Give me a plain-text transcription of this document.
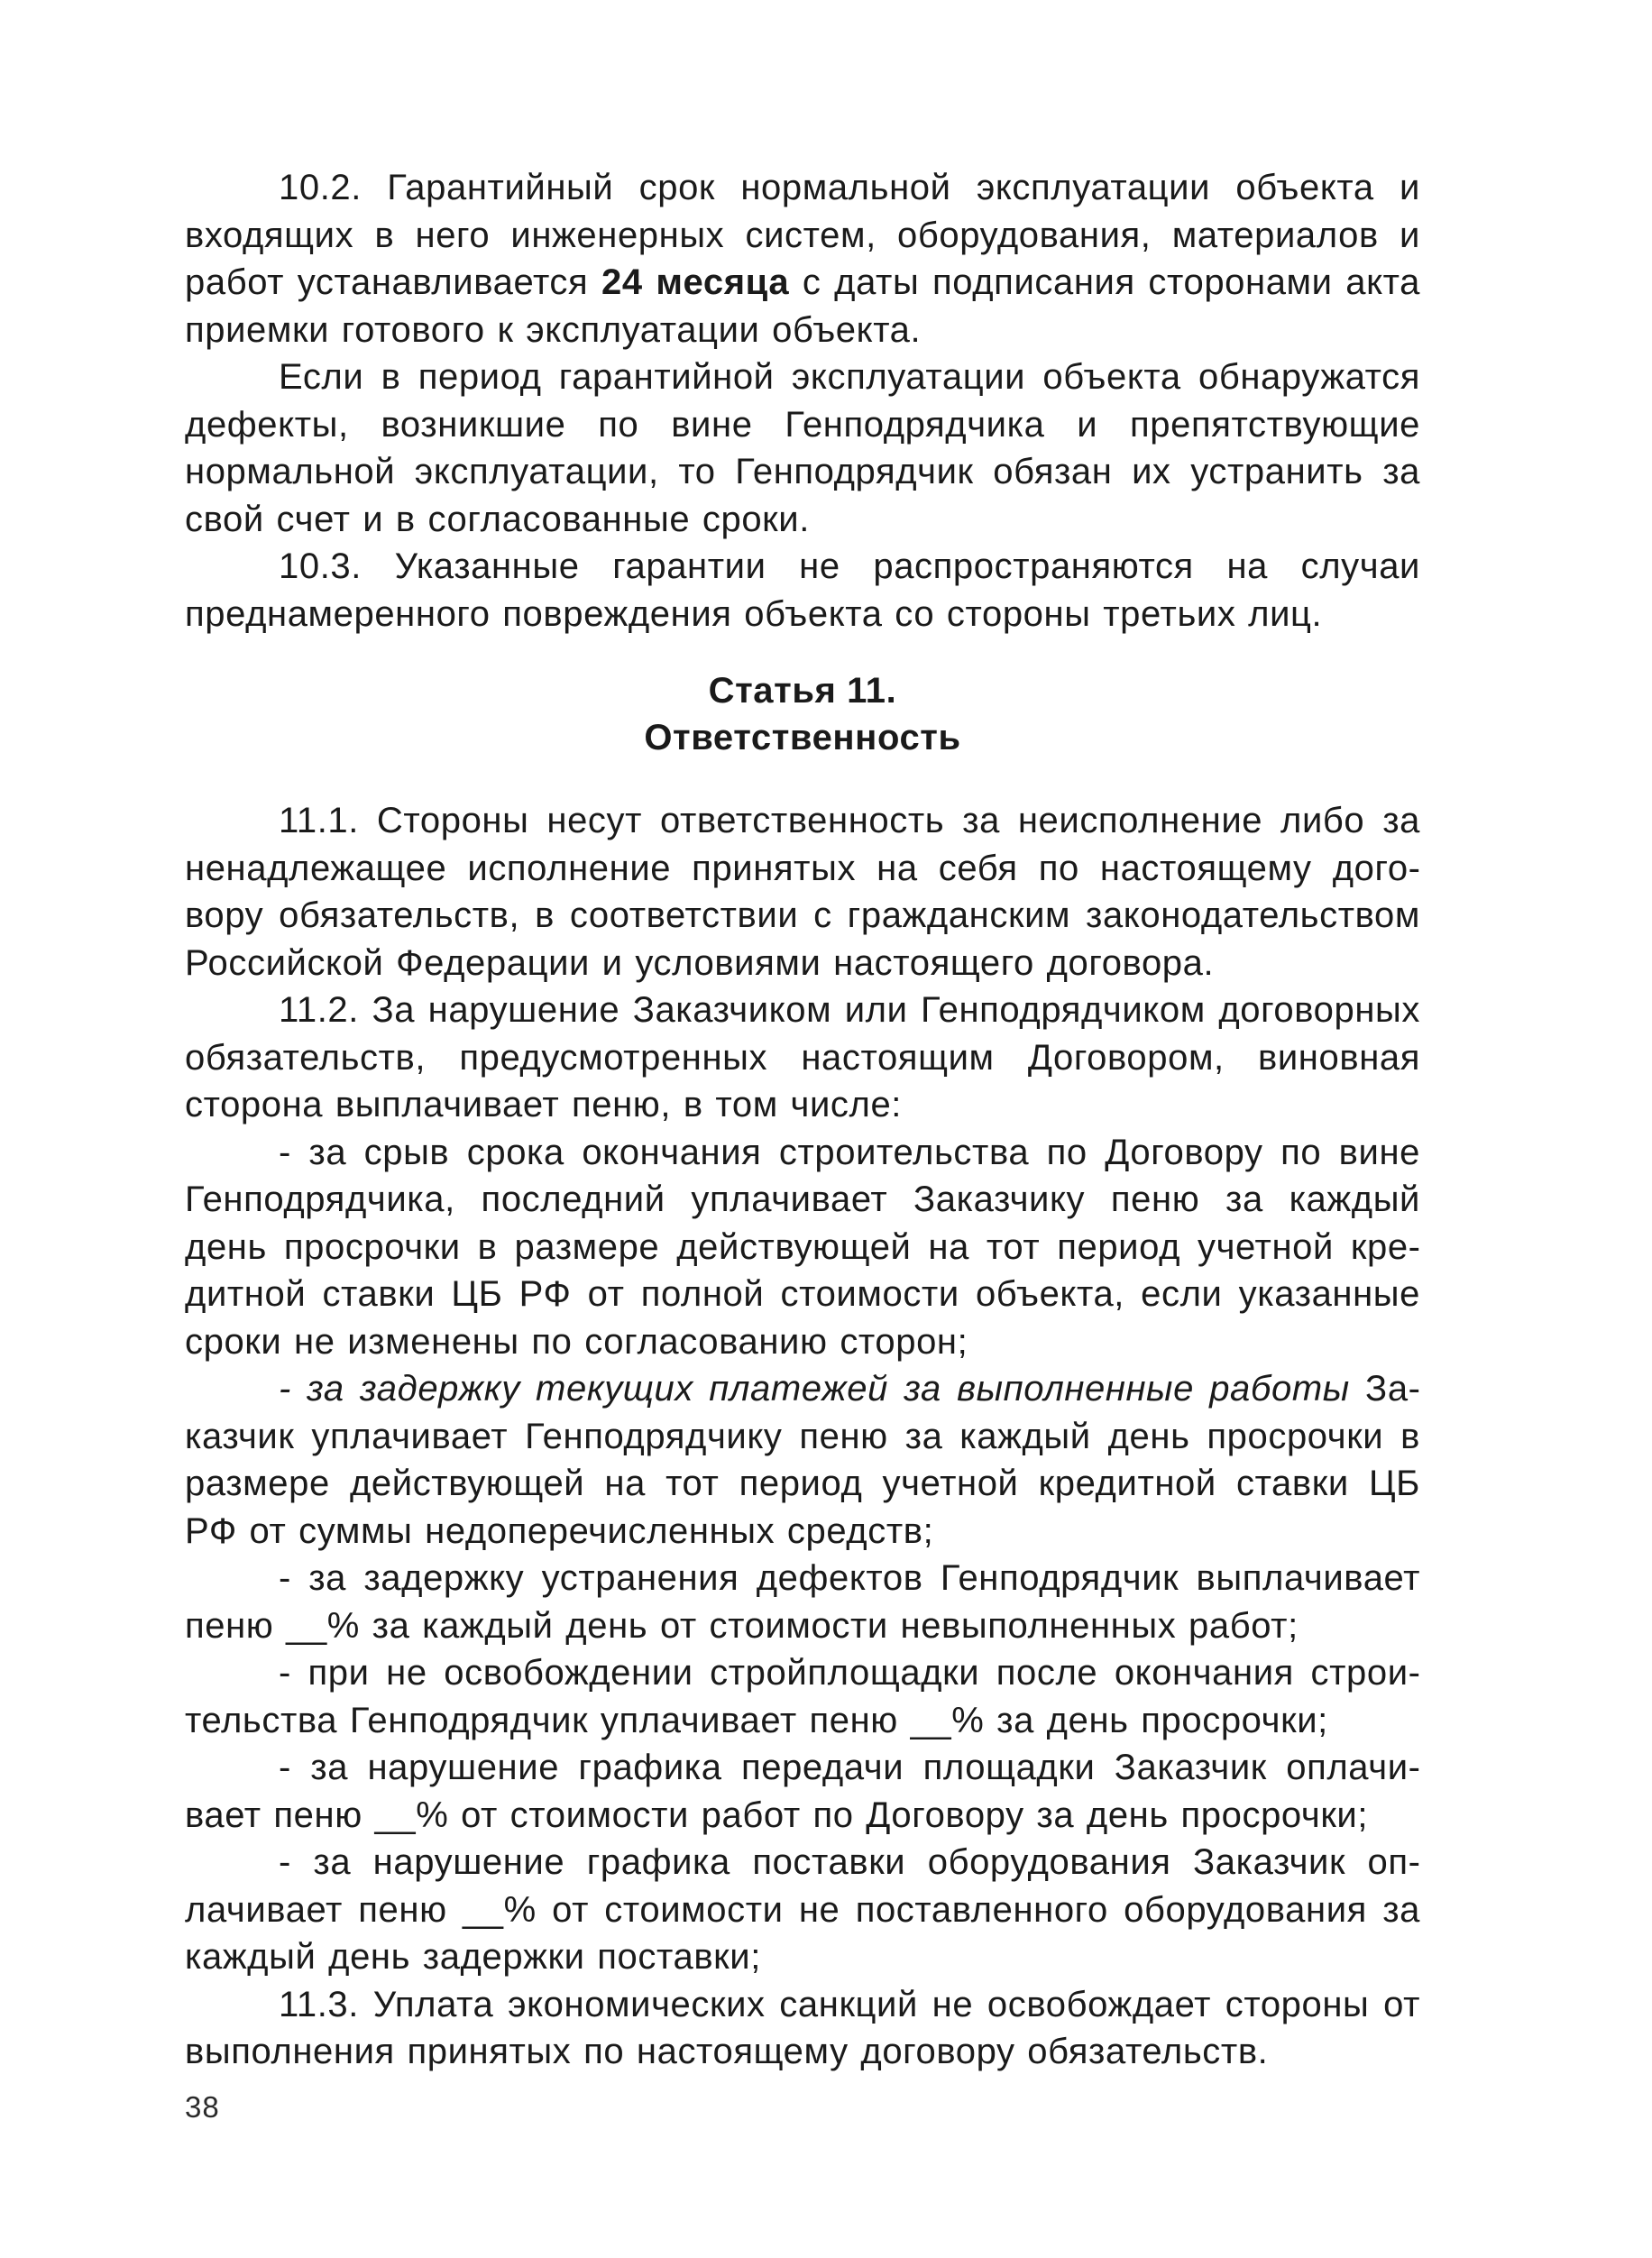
10.2. Гарантийный срок нормальной эксплуатации объекта и входящих в него инженерных систем, оборудования, материалов и работ устанавливается 24 месяца с даты подписания сторонами акта приемки готового к эксплуатации объекта.

Если в период гарантийной эксплуатации объекта обнаружатся дефекты, возникшие по вине Генподрядчика и препятствующие нормальной эксплуатации, то Генподрядчик обязан их устранить за свой счет и в согласованные сроки.

10.3. Указанные гарантии не распространяются на случаи преднамеренного повреждения объекта со стороны третьих лиц.

Статья 11.
Ответственность

11.1. Стороны несут ответственность за неисполнение либо за ненадлежащее исполнение принятых на себя по настоящему договору обязательств, в соответствии с гражданским законодательством Российской Федерации и условиями настоящего договора.

11.2. За нарушение Заказчиком или Генподрядчиком договорных обязательств, предусмотренных настоящим Договором, виновная сторона выплачивает пеню, в том числе:

- за срыв срока окончания строительства по Договору по вине Генподрядчика, последний уплачивает Заказчику пеню за каждый день просрочки в размере действующей на тот период учетной кредитной ставки ЦБ РФ от полной стоимости объекта, если указанные сроки не изменены по согласованию сторон;

- за задержку текущих платежей за выполненные работы Заказчик уплачивает Генподрядчику пеню за каждый день просрочки в размере действующей на тот период учетной кредитной ставки ЦБ РФ от суммы недоперечисленных средств;

- за задержку устранения дефектов Генподрядчик выплачивает пеню __% за каждый день от стоимости невыполненных работ;

- при не освобождении стройплощадки после окончания строительства Генподрядчик уплачивает пеню __% за день просрочки;

- за нарушение графика передачи площадки Заказчик оплачивает пеню __% от стоимости работ по Договору за день просрочки;

- за нарушение графика поставки оборудования Заказчик оплачивает пеню __% от стоимости не поставленного оборудования за каждый день задержки поставки;

11.3. Уплата экономических санкций не освобождает стороны от выполнения принятых по настоящему договору обязательств.

38
